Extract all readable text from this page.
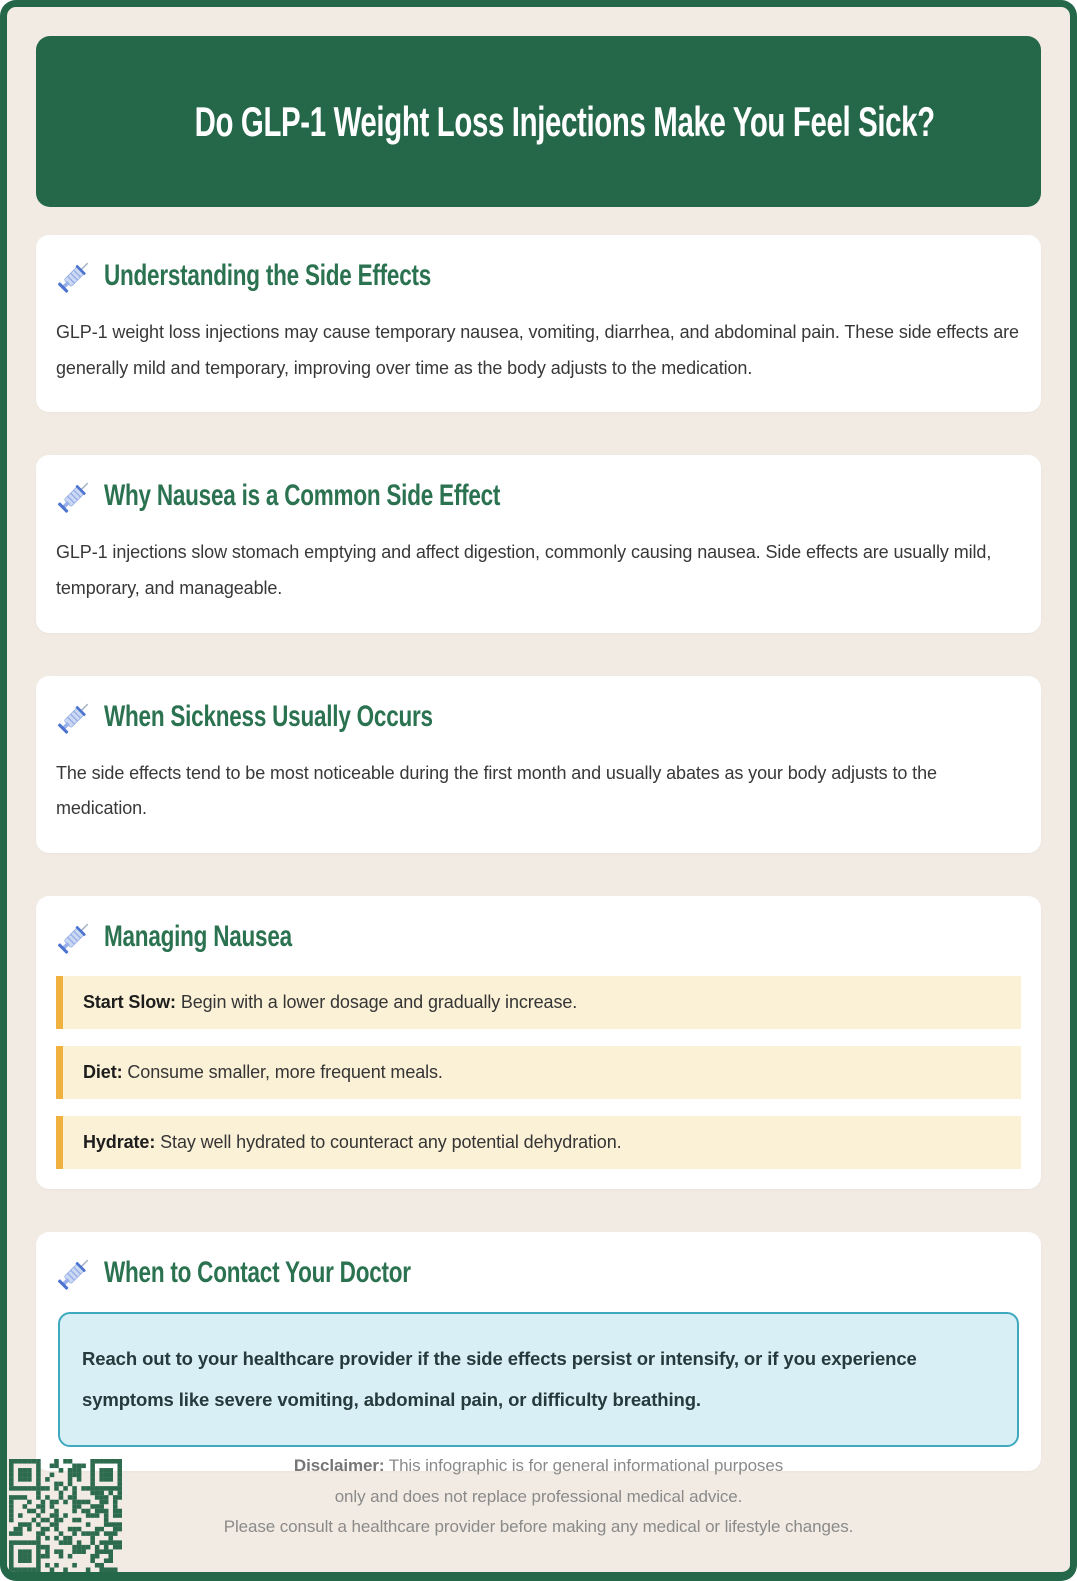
Do GLP-1 Weight Loss Injections Make You Feel Sick?
Understanding the Side Effects

GLP-1 weight loss injections may cause temporary nausea, vomiting, diarrhea, and abdominal pain. These side effects are generally mild and temporary, improving over time as the body adjusts to the medication.

Why Nausea is a Common Side Effect

GLP-1 injections slow stomach emptying and affect digestion, commonly causing nausea. Side effects are usually mild, temporary, and manageable.

When Sickness Usually Occurs

The side effects tend to be most noticeable during the first month and usually abates as your body adjusts to the medication.

Managing Nausea
Start Slow: Begin with a lower dosage and gradually increase.
Diet: Consume smaller, more frequent meals.
Hydrate: Stay well hydrated to counteract any potential dehydration.
When to Contact Your Doctor
Reach out to your healthcare provider if the side effects persist or intensify, or if you experience symptoms like severe vomiting, abdominal pain, or difficulty breathing.
Disclaimer: This infographic is for general informational purposes
only and does not replace professional medical advice.
Please consult a healthcare provider before making any medical or lifestyle changes.
